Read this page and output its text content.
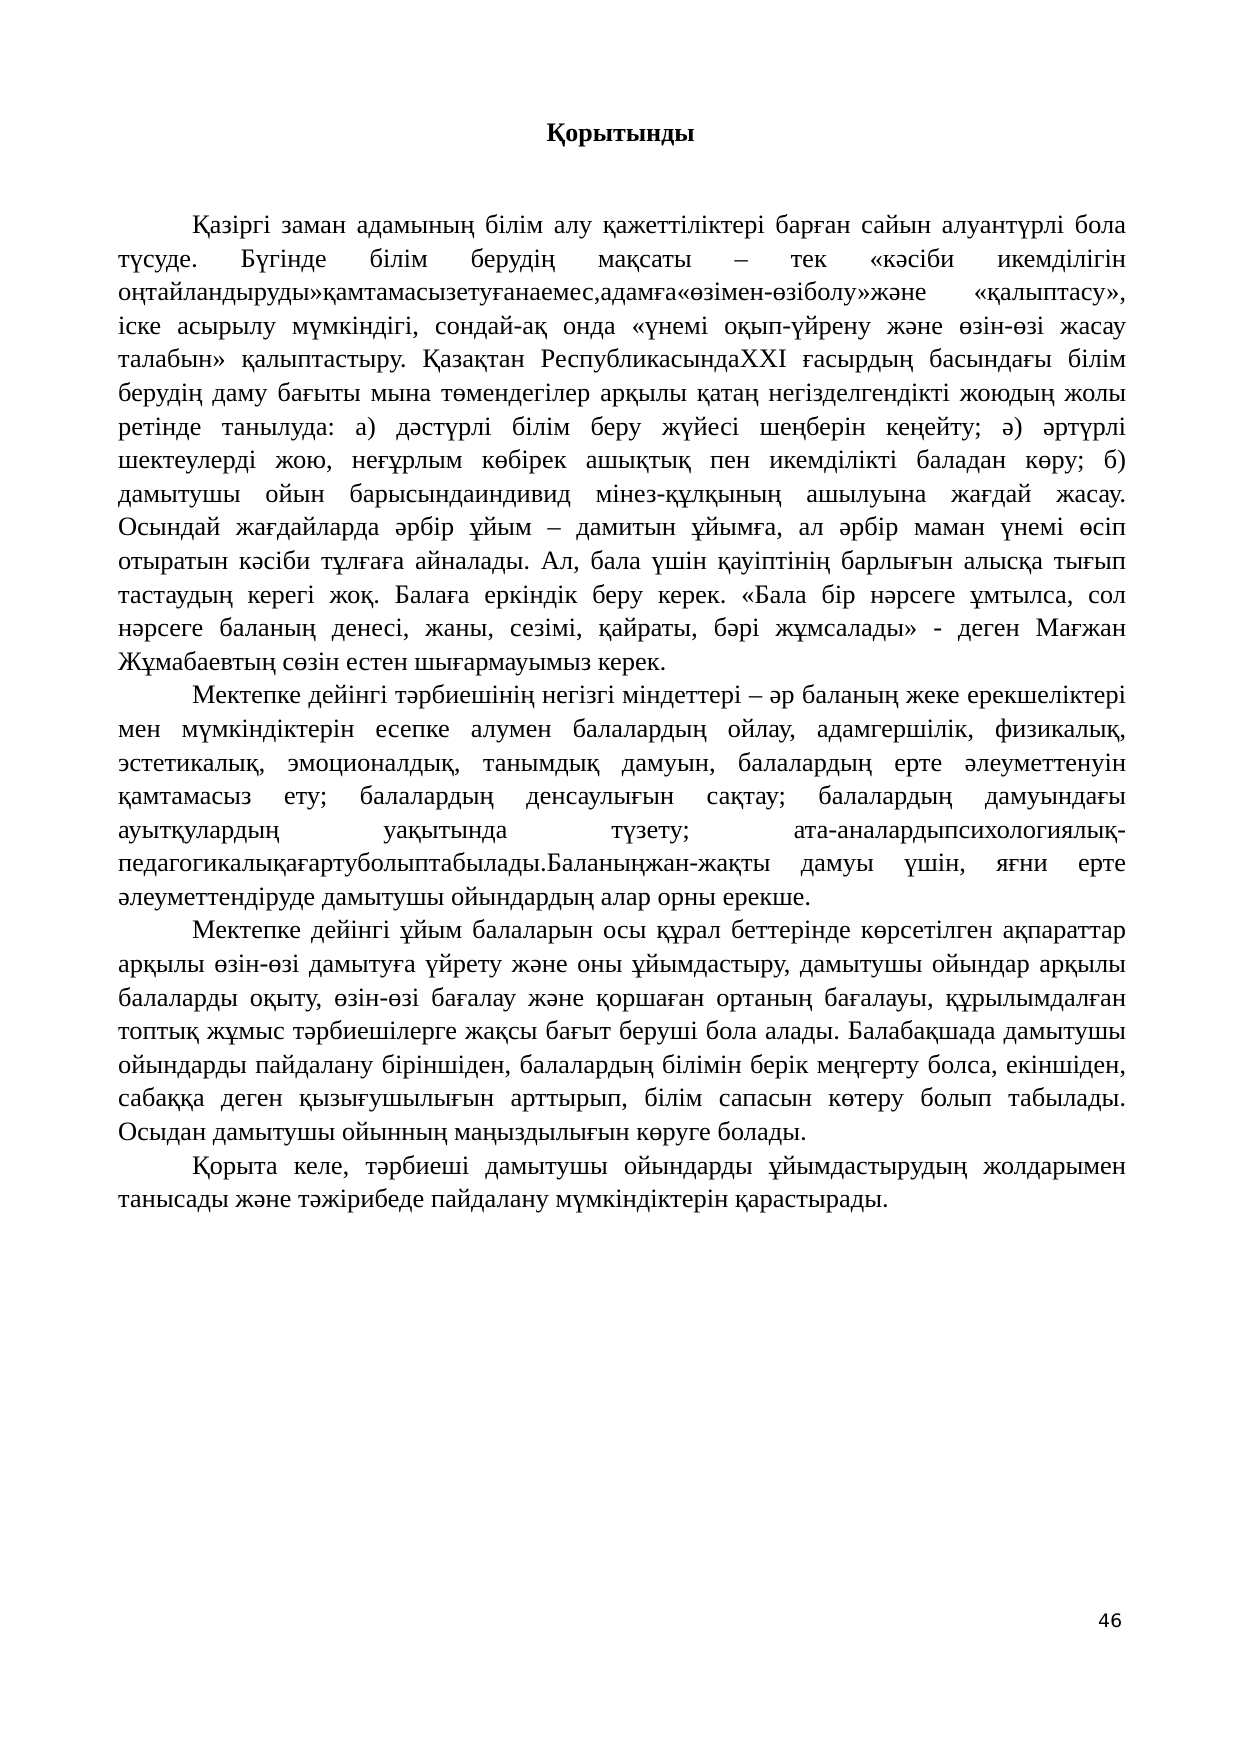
Қорытынды

Қазіргі заман адамының білім алу қажеттіліктері барған сайын алуантүрлі бола түсуде. Бүгінде білім берудің мақсаты – тек «кәсіби икемділігін оңтайландыруды»қамтамасызетуғанаемес,адамға«өзімен-өзіболу»және «қалыптасу», іске асырылу мүмкіндігі, сондай-ақ онда «үнемі оқып-үйрену және өзін-өзі жасау талабын» қалыптастыру. Қазақтан РеспубликасындаXXI ғасырдың басындағы білім берудің даму бағыты мына төмендегілер арқылы қатаң негізделгендікті жоюдың жолы ретінде танылуда: а) дәстүрлі білім беру жүйесі шеңберін кеңейту; ә) әртүрлі шектеулерді жою, неғұрлым көбірек ашықтық пен икемділікті баладан көру; б) дамытушы ойын барысындаиндивид мінез-құлқының ашылуына жағдай жасау. Осындай жағдайларда әрбір ұйым – дамитын ұйымға, ал әрбір маман үнемі өсіп отыратын кәсіби тұлғаға айналады. Ал, бала үшін қауіптінің барлығын алысқа тығып тастаудың керегі жоқ. Балаға еркіндік беру керек. «Бала бір нәрсеге ұмтылса, сол нәрсеге баланың денесі, жаны, сезімі, қайраты, бәрі жұмсалады» - деген Мағжан Жұмабаевтың сөзін естен шығармауымыз керек.

Мектепке дейінгі тәрбиешінің негізгі міндеттері – әр баланың жеке ерекшеліктері мен мүмкіндіктерін есепке алумен балалардың ойлау, адамгершілік, физикалық, эстетикалық, эмоционалдық, танымдық дамуын, балалардың ерте әлеуметтенуін қамтамасыз ету; балалардың денсаулығын сақтау; балалардың дамуындағы ауытқулардың уақытында түзету; ата-аналардыпсихологиялық-педагогикалықағартуболыптабылады.Баланыңжан-жақты дамуы үшін, яғни ерте әлеуметтендіруде дамытушы ойындардың алар орны ерекше.

Мектепке дейінгі ұйым балаларын осы құрал беттерінде көрсетілген ақпараттар арқылы өзін-өзі дамытуға үйрету және оны ұйымдастыру, дамытушы ойындар арқылы балаларды оқыту, өзін-өзі бағалау және қоршаған ортаның бағалауы, құрылымдалған топтық жұмыс тәрбиешілерге жақсы бағыт беруші бола алады. Балабақшада дамытушы ойындарды пайдалану біріншіден, балалардың білімін берік меңгерту болса, екіншіден, сабаққа деген қызығушылығын арттырып, білім сапасын көтеру болып табылады. Осыдан дамытушы ойынның маңыздылығын көруге болады.

Қорыта келе, тәрбиеші дамытушы ойындарды ұйымдастырудың жолдарымен танысады және тәжірибеде пайдалану мүмкіндіктерін қарастырады.

46
